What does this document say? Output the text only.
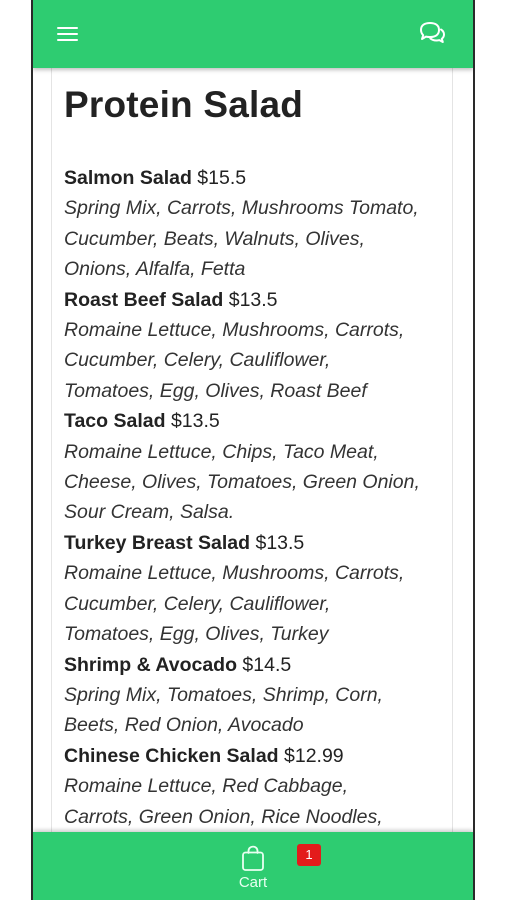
Protein Salad
Salmon Salad $15.5
Spring Mix, Carrots, Mushrooms Tomato,
Cucumber, Beats, Walnuts, Olives,
Onions, Alfalfa, Fetta
Roast Beef Salad $13.5
Romaine Lettuce, Mushrooms, Carrots,
Cucumber, Celery, Cauliflower,
Tomatoes, Egg, Olives, Roast Beef
Taco Salad $13.5
Romaine Lettuce, Chips, Taco Meat,
Cheese, Olives, Tomatoes, Green Onion,
Sour Cream, Salsa.
Turkey Breast Salad $13.5
Romaine Lettuce, Mushrooms, Carrots,
Cucumber, Celery, Cauliflower,
Tomatoes, Egg, Olives, Turkey
Shrimp & Avocado $14.5
Spring Mix, Tomatoes, Shrimp, Corn,
Beets, Red Onion, Avocado
Chinese Chicken Salad $12.99
Romaine Lettuce, Red Cabbage,
Carrots, Green Onion, Rice Noodles,
Cart
1
